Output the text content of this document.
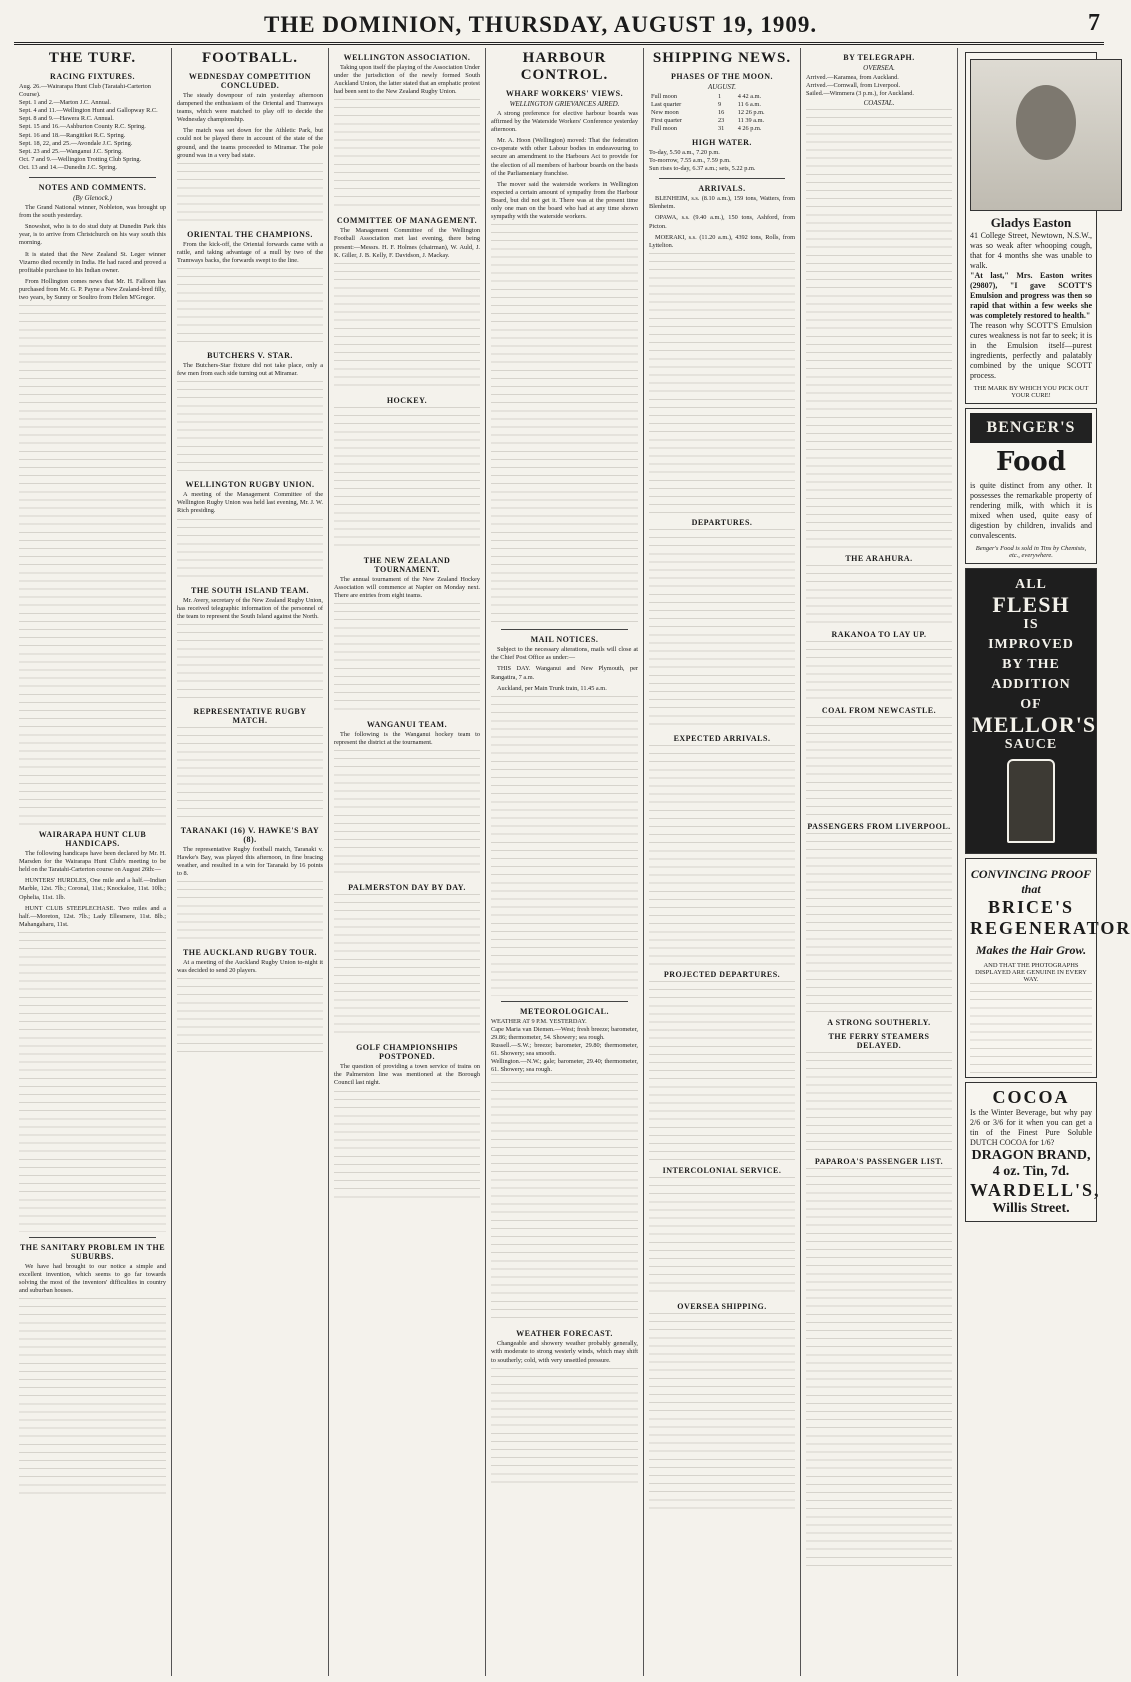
THE DOMINION, THURSDAY, AUGUST 19, 1909.	7
THE TURF.
RACING FIXTURES.
Aug. 26.—Wairarapa Hunt Club (Taratahi-Carterton Course).
Sept. 1 and 2.—Marton J.C. Annual.
Sept. 4 and 11.—Wellington Hunt and Gallopway R.C.
Sept. 8 and 9.—Hawera R.C. Annual.
Sept. 15 and 16.—Ashburton County R.C. Spring.
Sept. 16 and 18.—Rangitikei R.C. Spring.
Sept. 18, 22, and 25.—Avondale J.C. Spring.
Sept. 23 and 25.—Wanganui J.C. Spring.
Oct. 7 and 9.—Wellington Trotting Club Spring.
Oct. 13 and 14.—Dunedin J.C. Spring.
NOTES AND COMMENTS.
(By Glenock.)
The Grand National winner, Nobleton, was brought up from the south yesterday.
Snowshot, who is to do stud duty at Dunedin Park this year, is to arrive from Christchurch on his way south this morning.
It is stated that the New Zealand St. Leger winner Vizarno died recently in India. He had raced and proved a profitable purchase to his Indian owner.
From Hollington comes news that Mr. H. Falloon has purchased from Mr. G. P. Payne a New Zealand-bred filly, two years, by Sunny or Soultro from Helen M'Gregor.
WAIRARAPA HUNT CLUB HANDICAPS.
The following handicaps have been declared by Mr. H. Marsden for the Wairarapa Hunt Club's meeting to be held on the Taratahi-Carterton course on August 26th:—
HUNTERS' HURDLES, One mile and a half.—Indian Marble, 12st. 7lb.; Coronal, 11st.; Knockaloe, 11st. 10lb.; Ophelia, 11st. 1lb.
HUNT CLUB STEEPLECHASE. Two miles and a half.—Moreton, 12st. 7lb.; Lady Ellesmere, 11st. 8lb.; Mahangaharu, 11st.
THE SANITARY PROBLEM IN THE SUBURBS.
We have had brought to our notice a simple and excellent invention, which seems to go far towards solving the most of the inventors' difficulties in country and suburban houses.
FOOTBALL.
WEDNESDAY COMPETITION CONCLUDED.
The steady downpour of rain yesterday afternoon dampened the enthusiasm of the Oriental and Tramways teams, which were matched to play off to decide the Wednesday championship.
The match was set down for the Athletic Park, but could not be played there in account of the state of the ground, and the teams proceeded to Miramar. The pole ground was in a very bad state.
ORIENTAL THE CHAMPIONS.
From the kick-off, the Oriental forwards came with a rattle, and taking advantage of a mull by two of the Tramways backs, the forwards swept to the line.
BUTCHERS V. STAR.
The Butchers-Star fixture did not take place, only a few men from each side turning out at Miramar.
WELLINGTON RUGBY UNION.
A meeting of the Management Committee of the Wellington Rugby Union was held last evening, Mr. J. W. Rich presiding.
THE SOUTH ISLAND TEAM.
Mr. Avery, secretary of the New Zealand Rugby Union, has received telegraphic information of the personnel of the team to represent the South Island against the North.
REPRESENTATIVE RUGBY MATCH.
TARANAKI (16) V. HAWKE'S BAY (8).
The representative Rugby football match, Taranaki v. Hawke's Bay, was played this afternoon, in fine bracing weather, and resulted in a win for Taranaki by 16 points to 8.
THE AUCKLAND RUGBY TOUR.
At a meeting of the Auckland Rugby Union to-night it was decided to send 20 players.
WELLINGTON ASSOCIATION.
Taking upon itself the playing of the Association Under under the jurisdiction of the newly formed South Auckland Union, the latter stated that an emphatic protest had been sent to the New Zealand Rugby Union.
COMMITTEE OF MANAGEMENT.
The Management Committee of the Wellington Football Association met last evening, there being present:—Messrs. H. F. Holmes (chairman), W. Auld, J. K. Giller, J. B. Kelly, F. Davidson, J. Mackay.
HOCKEY.
THE NEW ZEALAND TOURNAMENT.
The annual tournament of the New Zealand Hockey Association will commence at Napier on Monday next. There are entries from eight teams.
WANGANUI TEAM.
The following is the Wanganui hockey team to represent the district at the tournament.
PALMERSTON DAY BY DAY.
GOLF CHAMPIONSHIPS POSTPONED.
The question of providing a town service of trains on the Palmerston line was mentioned at the Borough Council last night.
HARBOUR CONTROL.
WHARF WORKERS' VIEWS.
WELLINGTON GRIEVANCES AIRED.
A strong preference for elective harbour boards was affirmed by the Waterside Workers' Conference yesterday afternoon.
Mr. A. Hoon (Wellington) moved: That the federation co-operate with other Labour bodies in endeavouring to secure an amendment to the Harbours Act to provide for the election of all members of harbour boards on the basis of the Parliamentary franchise.
The mover said the waterside workers in Wellington expected a certain amount of sympathy from the Harbour Board, but did not get it. There was at the present time only one man on the board who had at any time shown sympathy with the waterside workers.
MAIL NOTICES.
Subject to the necessary alterations, mails will close at the Chief Post Office as under:—
THIS DAY. Wanganui and New Plymouth, per Rangatira, 7 a.m.
Auckland, per Main Trunk train, 11.45 a.m.
METEOROLOGICAL.
WEATHER AT 9 P.M. YESTERDAY.
Cape Maria van Diemen.—West; fresh breeze; barometer, 29.86; thermometer, 54. Showery; sea rough.
Russell.—S.W.; breeze; barometer, 29.80; thermometer, 61. Showery; sea smooth.
Wellington.—N.W.; gale; barometer, 29.40; thermometer, 61. Showery; sea rough.
WEATHER FORECAST.
Changeable and showery weather probably generally, with moderate to strong westerly winds, which may shift to southerly; cold, with very unsettled pressure.
SHIPPING NEWS.
PHASES OF THE MOON.
AUGUST.
Full moon	1	4 42 a.m.
Last quarter	9	11 6 a.m.
New moon	16	12 26 p.m.
First quarter	23	11 39 a.m.
Full moon	31	4 26 p.m.
HIGH WATER.
To-day, 5.50 a.m., 7.20 p.m.
To-morrow, 7.55 a.m., 7.59 p.m.
Sun rises to-day, 6.37 a.m.; sets, 5.22 p.m.
ARRIVALS.
BLENHEIM, s.s. (8.10 a.m.), 159 tons, Watters, from Blenheim.
OPAWA, s.s. (9.40 a.m.), 150 tons, Ashford, from Picton.
MOERAKI, s.s. (11.20 a.m.), 4392 tons, Rolls, from Lyttelton.
DEPARTURES.
EXPECTED ARRIVALS.
PROJECTED DEPARTURES.
INTERCOLONIAL SERVICE.
OVERSEA SHIPPING.
BY TELEGRAPH.
OVERSEA.
Arrived.—Karamea, from Auckland.
Arrived.—Cornwall, from Liverpool.
Sailed.—Wimmera (3 p.m.), for Auckland.
COASTAL.
THE ARAHURA.
RAKANOA TO LAY UP.
COAL FROM NEWCASTLE.
PASSENGERS FROM LIVERPOOL.
A STRONG SOUTHERLY.
THE FERRY STEAMERS DELAYED.
PAPAROA'S PASSENGER LIST.
Gladys Easton
41 College Street, Newtown, N.S.W., was so weak after whooping cough, that for 4 months she was unable to walk.
"At last," Mrs. Easton writes (29807), "I gave SCOTT'S Emulsion and progress was then so rapid that within a few weeks she was completely restored to health."
The reason why SCOTT'S Emulsion cures weakness is not far to seek; it is in the Emulsion itself—purest ingredients, perfectly and palatably combined by the unique SCOTT process.
THE MARK BY WHICH YOU PICK OUT YOUR CURE!
BENGER'S
Food
is quite distinct from any other. It possesses the remarkable property of rendering milk, with which it is mixed when used, quite easy of digestion by children, invalids and convalescents.
Benger's Food is sold in Tins by Chemists, etc., everywhere.
ALL
FLESH
IS
IMPROVED
BY THE
ADDITION
OF
MELLOR'S
SAUCE
CONVINCING PROOF that
BRICE'S REGENERATOR
Makes the Hair Grow.
AND THAT THE PHOTOGRAPHS DISPLAYED ARE GENUINE IN EVERY WAY.
COCOA
Is the Winter Beverage, but why pay 2/6 or 3/6 for it when you can get a tin of the Finest Pure Soluble DUTCH COCOA for 1/6?
DRAGON BRAND,
4 oz. Tin, 7d.
WARDELL'S,
Willis Street.
